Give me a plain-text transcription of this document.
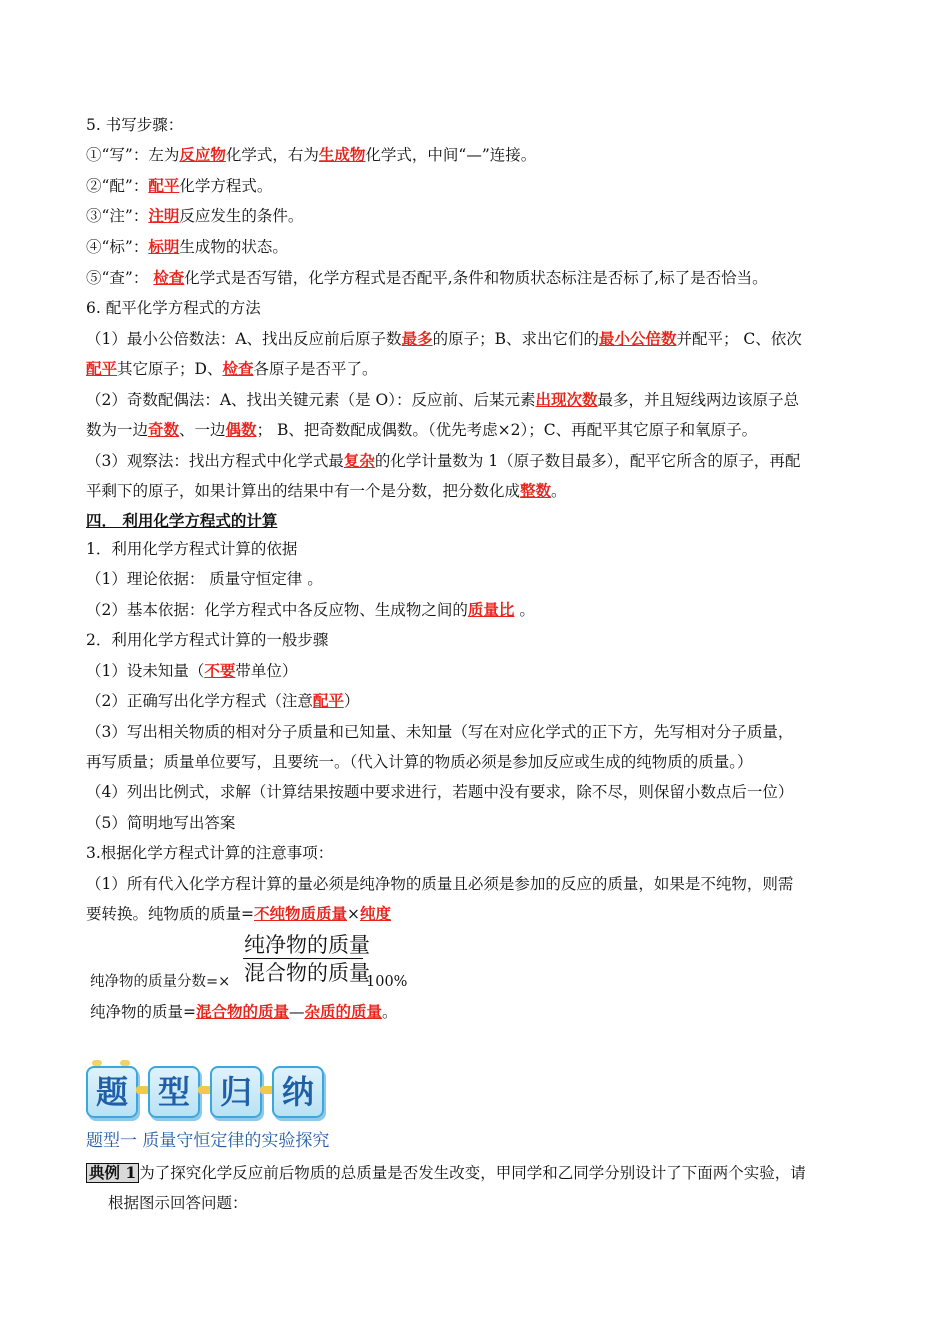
5. 书写步骤：
①“写”：左为反应物化学式，右为生成物化学式，中间“—”连接。
②“配”：配平化学方程式。
③“注”：注明反应发生的条件。
④“标”：标明生成物的状态。
⑤“查”： 检查化学式是否写错，化学方程式是否配平,条件和物质状态标注是否标了,标了是否恰当。
6. 配平化学方程式的方法
（1）最小公倍数法：A、找出反应前后原子数最多的原子；B、求出它们的最小公倍数并配平； C、依次
配平其它原子；D、检查各原子是否平了。
（2）奇数配偶法：A、找出关键元素（是 O）：反应前、后某元素出现次数最多，并且短线两边该原子总
数为一边奇数、一边偶数； B、把奇数配成偶数。（优先考虑×2）；C、再配平其它原子和氧原子。
（3）观察法：找出方程式中化学式最复杂的化学计量数为 1（原子数目最多），配平它所含的原子，再配
平剩下的原子，如果计算出的结果中有一个是分数，把分数化成整数。
四． 利用化学方程式的计算
1．利用化学方程式计算的依据
（1）理论依据： 质量守恒定律 。
（2）基本依据：化学方程式中各反应物、生成物之间的质量比 。
2．利用化学方程式计算的一般步骤
（1）设未知量（不要带单位）
（2）正确写出化学方程式（注意配平）
（3）写出相关物质的相对分子质量和已知量、未知量（写在对应化学式的正下方，先写相对分子质量，
再写质量；质量单位要写，且要统一。（代入计算的物质必须是参加反应或生成的纯物质的质量。）
（4）列出比例式，求解（计算结果按题中要求进行，若题中没有要求，除不尽，则保留小数点后一位）
（5）简明地写出答案
3.根据化学方程式计算的注意事项：
（1）所有代入化学方程计算的量必须是纯净物的质量且必须是参加的反应的质量，如果是不纯物，则需
要转换。纯物质的质量=不纯物质质量×纯度
纯净物的质量
混合物的质量
纯净物的质量分数=×	100%
纯净物的质量=混合物的质量—杂质的质量。
题 型 归 纳
题型一 质量守恒定律的实验探究
典例 1 为了探究化学反应前后物质的总质量是否发生改变，甲同学和乙同学分别设计了下面两个实验，请
根据图示回答问题：
